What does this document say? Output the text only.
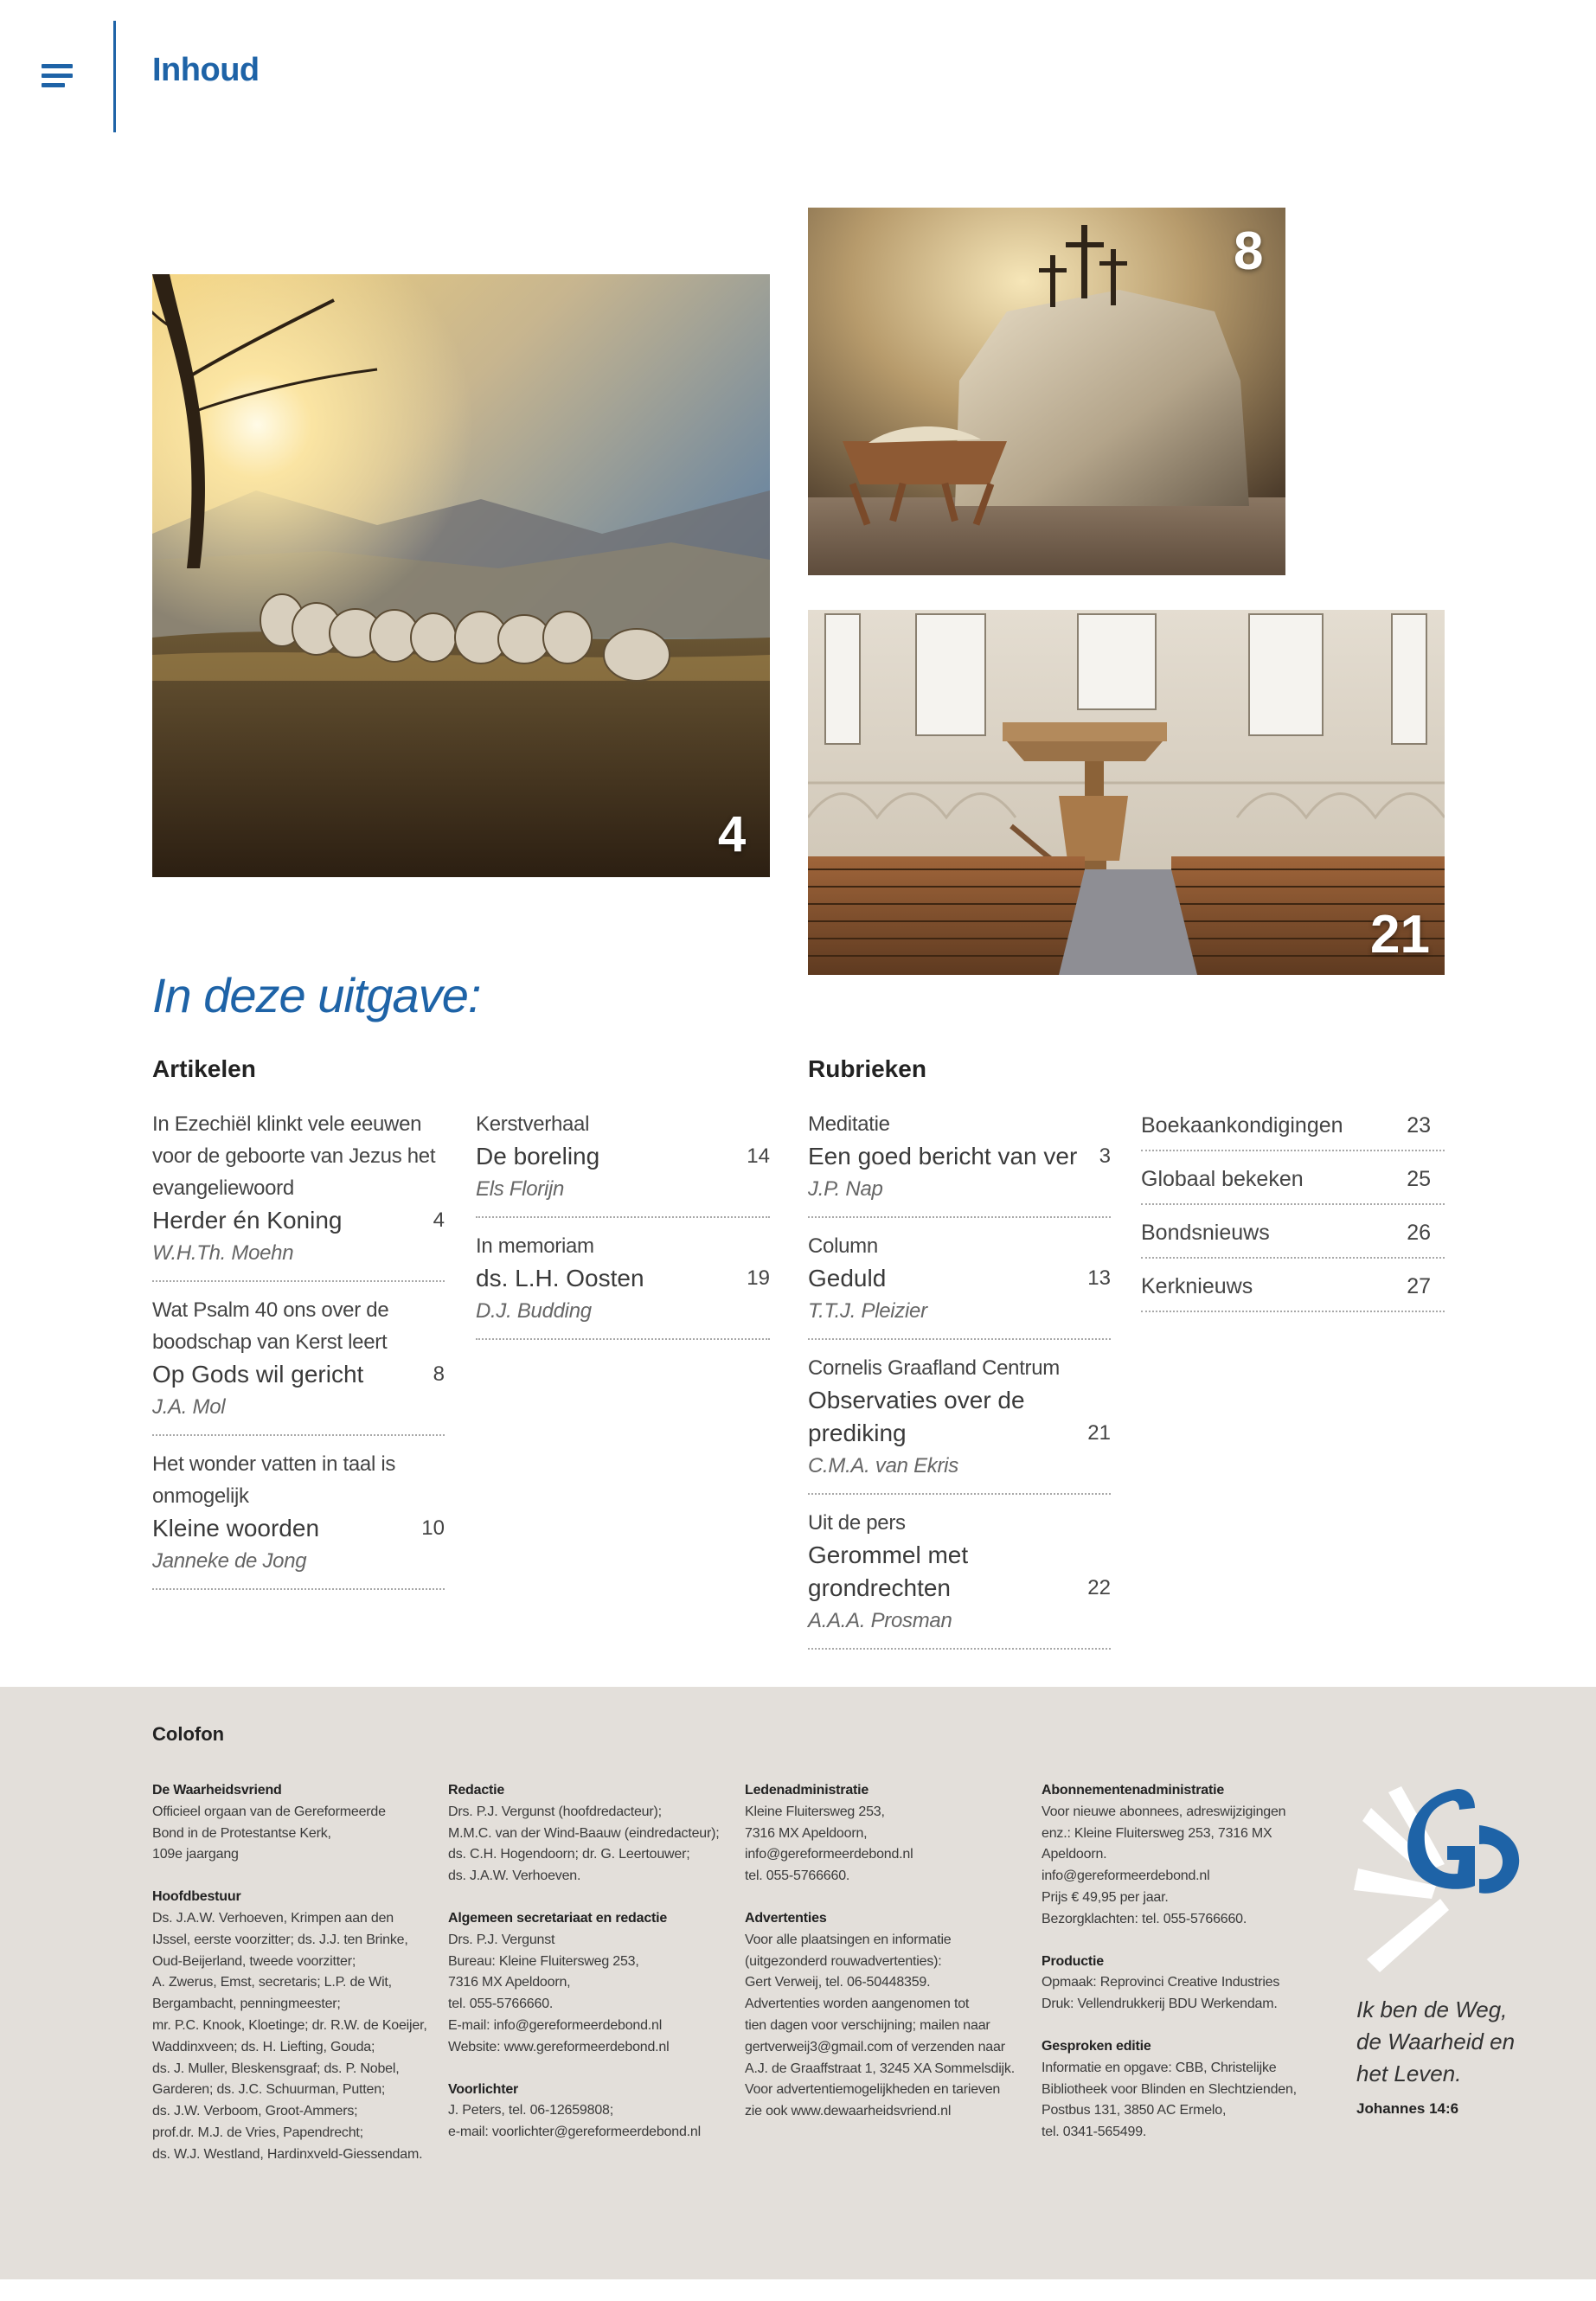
Inhoud
4
8
21
In deze uitgave:
Artikelen	Rubrieken
In Ezechiël klinkt vele eeuwen voor de geboorte van Jezus het evangeliewoord
Herder én Koning	4
W.H.Th. Moehn
Wat Psalm 40 ons over de boodschap van Kerst leert
Op Gods wil gericht	8
J.A. Mol
Het wonder vatten in taal is onmogelijk
Kleine woorden	10
Janneke de Jong
Kerstverhaal
De boreling	14
Els Florijn
In memoriam
ds. L.H. Oosten	19
D.J. Budding
Meditatie
Een goed bericht van ver	3
J.P. Nap
Column
Geduld	13
T.T.J. Pleizier
Cornelis Graafland Centrum
Observaties over de prediking	21
C.M.A. van Ekris
Uit de pers
Gerommel met grondrechten	22
A.A.A. Prosman
Boekaankondigingen	23
Globaal bekeken	25
Bondsnieuws	26
Kerknieuws	27
Colofon
De Waarheidsvriend
Officieel orgaan van de Gereformeerde
Bond in de Protestantse Kerk,
109e jaargang
Hoofdbestuur
Ds. J.A.W. Verhoeven, Krimpen aan den
IJssel, eerste voorzitter; ds. J.J. ten Brinke,
Oud-Beijerland, tweede voorzitter;
A. Zwerus, Emst, secretaris; L.P. de Wit,
Bergambacht, penningmeester;
mr. P.C. Knook, Kloetinge; dr. R.W. de Koeijer,
Waddinxveen; ds. H. Liefting, Gouda;
ds. J. Muller, Bleskensgraaf; ds. P. Nobel,
Garderen; ds. J.C. Schuurman, Putten;
ds. J.W. Verboom, Groot-Ammers;
prof.dr. M.J. de Vries, Papendrecht;
ds. W.J. Westland, Hardinxveld-Giessendam.
Redactie
Drs. P.J. Vergunst (hoofdredacteur);
M.M.C. van der Wind-Baauw (eindredacteur);
ds. C.H. Hogendoorn; dr. G. Leertouwer;
ds. J.A.W. Verhoeven.
Algemeen secretariaat en redactie
Drs. P.J. Vergunst
Bureau: Kleine Fluitersweg 253,
7316 MX Apeldoorn,
tel. 055-5766660.
E-mail: info@gereformeerdebond.nl
Website: www.gereformeerdebond.nl
Voorlichter
J. Peters, tel. 06-12659808;
e-mail: voorlichter@gereformeerdebond.nl
Ledenadministratie
Kleine Fluitersweg 253,
7316 MX Apeldoorn,
info@gereformeerdebond.nl
tel. 055-5766660.
Advertenties
Voor alle plaatsingen en informatie
(uitgezonderd rouwadvertenties):
Gert Verweij, tel. 06-50448359.
Advertenties worden aangenomen tot
tien dagen voor verschijning; mailen naar
gertverweij3@gmail.com of verzenden naar
A.J. de Graaffstraat 1, 3245 XA Sommelsdijk.
Voor advertentiemogelijkheden en tarieven
zie ook www.dewaarheidsvriend.nl
Abonnementenadministratie
Voor nieuwe abonnees, adreswijzigingen
enz.: Kleine Fluitersweg 253, 7316 MX
Apeldoorn.
info@gereformeerdebond.nl
Prijs € 49,95 per jaar.
Bezorgklachten: tel. 055-5766660.
Productie
Opmaak: Reprovinci Creative Industries
Druk: Vellendrukkerij BDU Werkendam.
Gesproken editie
Informatie en opgave: CBB, Christelijke
Bibliotheek voor Blinden en Slechtzienden,
Postbus 131, 3850 AC Ermelo,
tel. 0341-565499.
Ik ben de Weg,
de Waarheid en
het Leven.
Johannes 14:6
